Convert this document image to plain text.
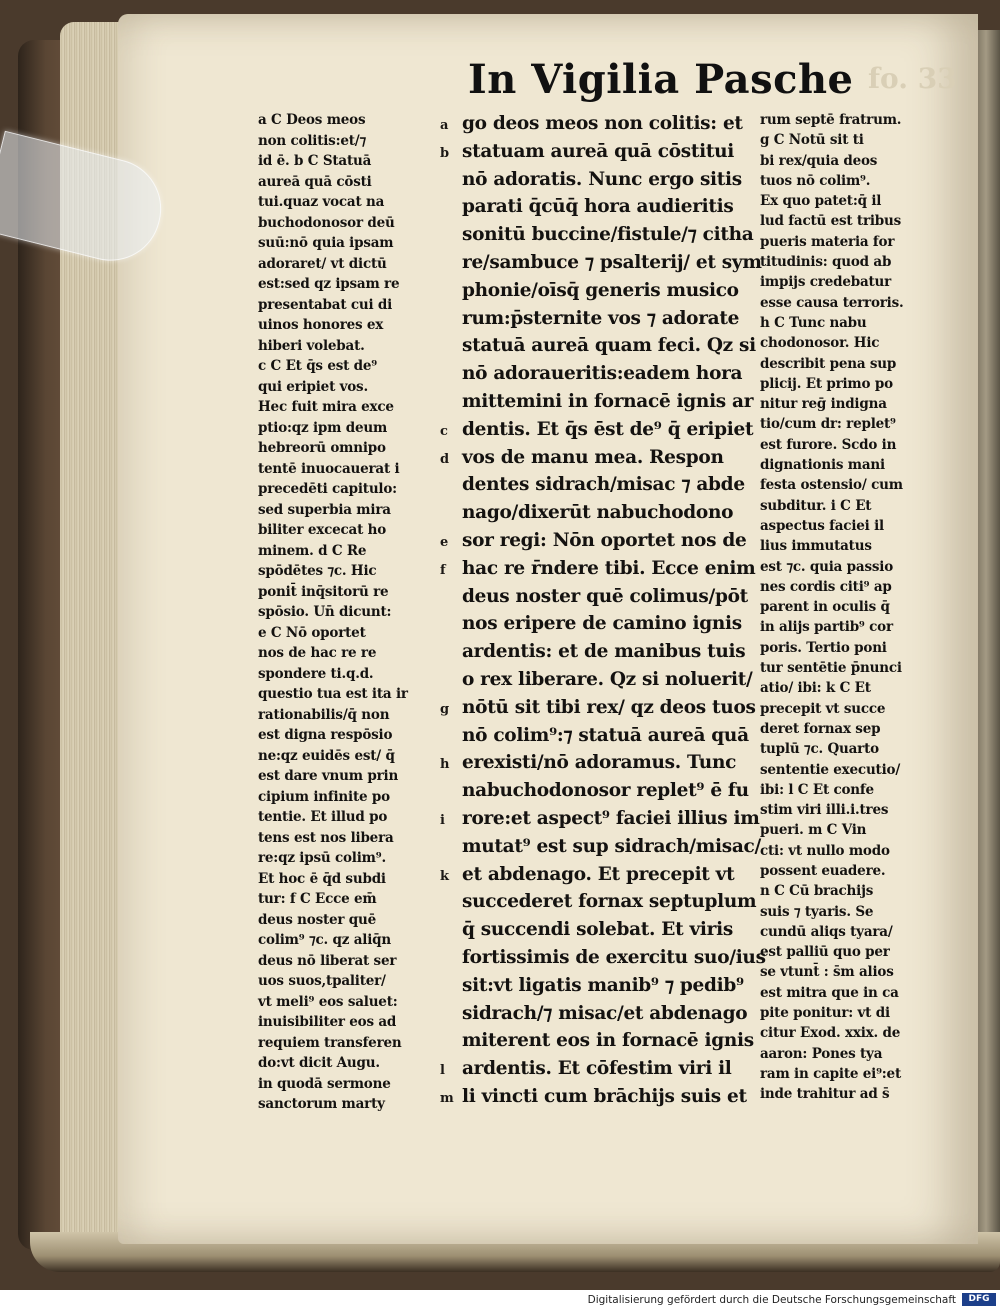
In Vigilia Pasche fo. 33
a C Deos meos
non colitis:et/⁊
id ē. b C Statuā
aureā quā cōsti
tui.quaz vocat na
buchodonosor deū
suū:nō quia ipsam
adoraret/ vt dictū
est:sed qz ipsam re
presentabat cui di
uinos honores ex
hiberi volebat.
c C Et q̄s est de⁹
qui eripiet vos.
Hec fuit mira exce
ptio:qz ipm deum
hebreorū omnipo
tentē inuocauerat i
precedēti capitulo:
sed superbia mira
biliter excecat ho
minem. d C Re
spōdētes ⁊c. Hic
ponit̄ inq̄sitorū re
spōsio. Un̄ dicunt:
e C Nō oportet
nos de hac re re
spondere ti.q.d.
questio tua est ita ir
rationabilis/q̄ non
est digna respōsio
ne:qz euidēs est/ q̄
est dare vnum prin
cipium infinite po
tentie. Et illud po
tens est nos libera
re:qz ipsū colim⁹.
Et hoc ē q̄d subdi
tur: f C Ecce em̄
deus noster quē
colim⁹ ⁊c. qz aliq̄n
deus nō liberat ser
uos suos,tpaliter/
vt meli⁹ eos saluet:
inuisibiliter eos ad
requiem transferen
do:vt dicit Augu.
in quodā sermone
sanctorum marty
a
b
c
d
e
f
g
h
i
k
l
m
go deos meos non colitis: et
statuam aureā quā cōstitui
nō adoratis. Nunc ergo sitis
parati q̄cūq̄ hora audieritis
sonitū buccine/fistule/⁊ citha
re/sambuce ⁊ psalterij/ et sym
phonie/oīsq̄ generis musico
rum:p̄sternite vos ⁊ adorate
statuā aureā quam feci. Qz si
nō adoraueritis:eadem hora
mittemini in fornacē ignis ar
dentis. Et q̄s ēst de⁹ q̄ eripiet
vos de manu mea. Respon
dentes sidrach/misac ⁊ abde
nago/dixerūt nabuchodono
sor regi: Nōn oportet nos de
hac re r̄ndere tibi. Ecce enim
deus noster quē colimus/pōt
nos eripere de camino ignis
ardentis: et de manibus tuis
o rex liberare. Qz si noluerit/
nōtū sit tibi rex/ qz deos tuos
nō colim⁹:⁊ statuā aureā quā
erexisti/nō adoramus. Tunc
nabuchodonosor replet⁹ ē fu
rore:et aspect⁹ faciei illius im
mutat⁹ est sup sidrach/misac/
et abdenago. Et precepit vt
succederet fornax septuplum
q̄ succendi solebat. Et viris
fortissimis de exercitu suo/ius
sit:vt ligatis manib⁹ ⁊ pedib⁹
sidrach/⁊ misac/et abdenago
miterent eos in fornacē ignis
ardentis. Et cōfestim viri il
li vincti cum brāchijs suis et
rum septē fratrum.
g C Notū sit ti
bi rex/quia deos
tuos nō colim⁹.
Ex quo patet:q̄ il
lud factū est tribus
pueris materia for
titudinis: quod ab
impijs credebatur
esse causa terroris.
h C Tunc nabu
chodonosor. Hic
describit pena sup
plicij. Et primo po
nitur reḡ indigna
tio/cum dr: replet⁹
est furore. Scdo in
dignationis mani
festa ostensio/ cum
subditur. i C Et
aspectus faciei il
lius immutatus
est ⁊c. quia passio
nes cordis citi⁹ ap
parent in oculis q̄
in alijs partib⁹ cor
poris. Tertio poni
tur sentētie p̄nunci
atio/ ibi: k C Et
precepit vt succe
deret fornax sep
tuplū ⁊c. Quarto
sententie executio/
ibi: l C Et confe
stim viri illi.i.tres
pueri. m C Vin
cti: vt nullo modo
possent euadere.
n C Cū brachijs
suis ⁊ tyaris. Se
cundū aliqs tyara/
est palliū quo per
se vtunt̄ : s̄m alios
est mitra que in ca
pite ponitur: vt di
citur Exod. xxix. de
aaron: Pones tya
ram in capite ei⁹:et
inde trahitur ad s̄
Digitalisierung gefördert durch die Deutsche Forschungsgemeinschaft	DFG
